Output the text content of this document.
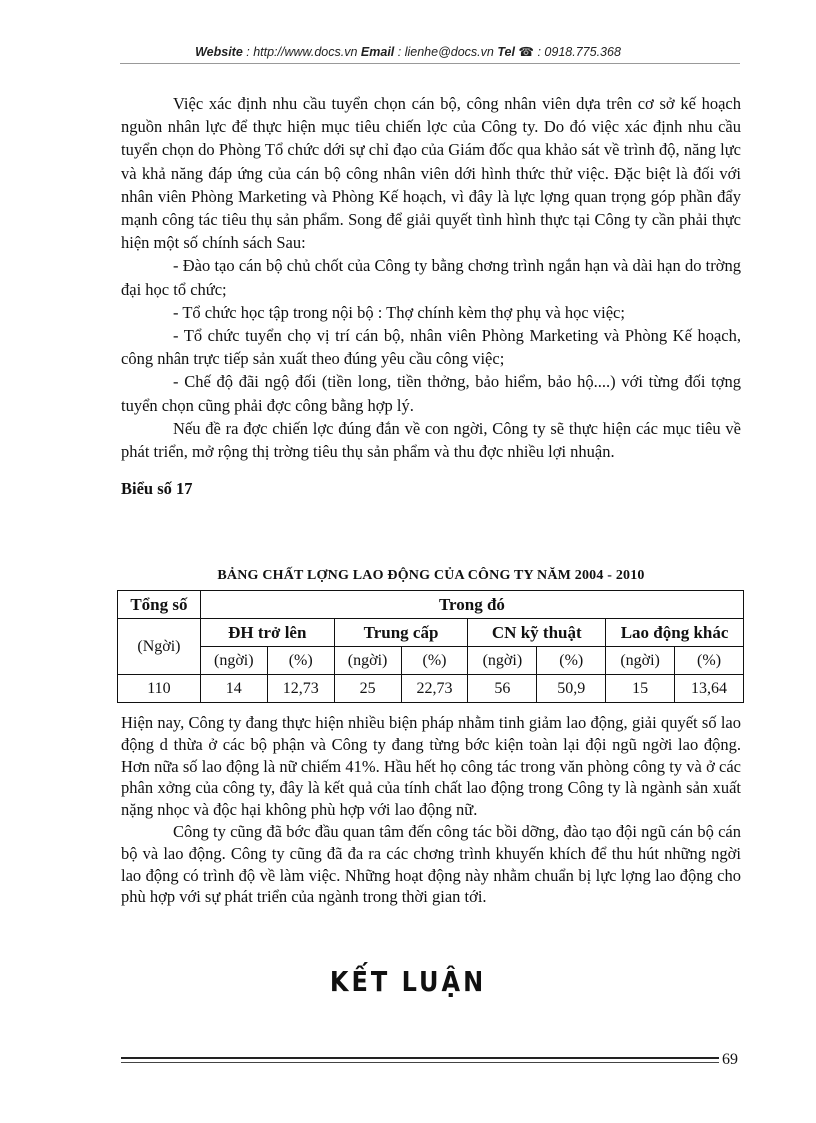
Website : http://www.docs.vn Email : lienhe@docs.vn Tel ☎ : 0918.775.368

Việc xác định nhu cầu tuyển chọn cán bộ, công nhân viên dựa trên cơ sở kế hoạch nguồn nhân lực để thực hiện mục tiêu chiến lợc của Công ty. Do đó việc xác định nhu cầu tuyển chọn do Phòng Tổ chức dới sự chỉ đạo của Giám đốc qua khảo sát về trình độ, năng lực và khả năng đáp ứng của cán bộ công nhân viên dới hình thức thử việc. Đặc biệt là đối với nhân viên Phòng Marketing và Phòng Kế hoạch, vì đây là lực lợng quan trọng góp phần đẩy mạnh công tác tiêu thụ sản phẩm. Song để giải quyết tình hình thực tại Công ty cần phải thực hiện một số chính sách Sau:

- Đào tạo cán bộ chủ chốt của Công ty bằng chơng trình ngắn hạn và dài hạn do trờng đại học tổ chức;

- Tổ chức học tập trong nội bộ : Thợ chính kèm thợ phụ và học việc;

- Tổ chức tuyển chọ vị trí cán bộ, nhân viên Phòng Marketing và Phòng Kế hoạch, công nhân trực tiếp sản xuất theo đúng yêu cầu công việc;

- Chế độ đãi ngộ đối (tiền long, tiền thởng, bảo hiểm, bảo hộ....) với từng đối tợng tuyển chọn cũng phải đợc công bằng hợp lý.

Nếu đề ra đợc chiến lợc đúng đắn về con ngời, Công ty sẽ thực hiện các mục tiêu về phát triển, mở rộng thị trờng tiêu thụ sản phẩm và thu đợc nhiều lợi nhuận.

Biểu số 17

BẢNG CHẤT LỢNG LAO ĐỘNG CỦA CÔNG TY NĂM 2004 - 2010
Tổng số	Trong đó							
(Ngời)	ĐH trở lên		Trung cấp		CN kỹ thuật		Lao động khác	
	(ngời)	(%)	(ngời)	(%)	(ngời)	(%)	(ngời)	(%)
110	14	12,73	25	22,73	56	50,9	15	13,64

Hiện nay, Công ty đang thực hiện nhiều biện pháp nhằm tinh giảm lao động, giải quyết số lao động d thừa ở các bộ phận và Công ty đang từng bớc kiện toàn lại đội ngũ ngời lao động. Hơn nữa số lao động là nữ chiếm 41%. Hầu hết họ công tác trong văn phòng công ty và ở các phân xởng của công ty, đây là kết quả của tính chất lao động trong Công ty là ngành sản xuất nặng nhọc và độc hại không phù hợp với lao động nữ.

Công ty cũng đã bớc đầu quan tâm đến công tác bồi dỡng, đào tạo đội ngũ cán bộ cán bộ và lao động. Công ty cũng đã đa ra các chơng trình khuyến khích để thu hút những ngời lao động có trình độ về làm việc. Những hoạt động này nhằm chuẩn bị lực lợng lao động cho phù hợp với sự phát triển của ngành trong thời gian tới.

KẾT LUẬN
69
